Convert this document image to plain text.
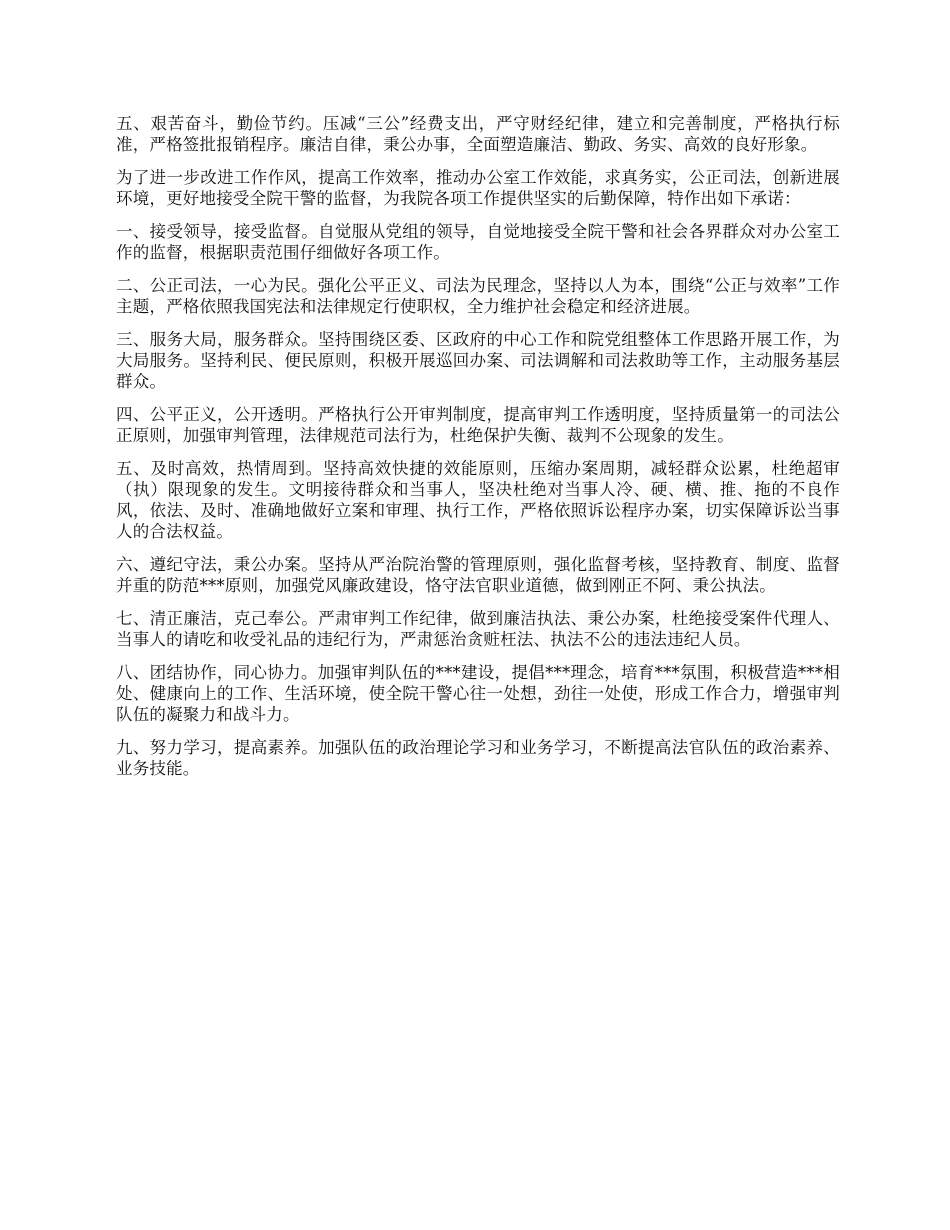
五、艰苦奋斗，勤俭节约。压减“三公”经费支出，严守财经纪律，建立和完善制度，严格执行标准，严格签批报销程序。廉洁自律，秉公办事，全面塑造廉洁、勤政、务实、高效的良好形象。

为了进一步改进工作作风，提高工作效率，推动办公室工作效能，求真务实，公正司法，创新进展环境，更好地接受全院干警的监督，为我院各项工作提供坚实的后勤保障，特作出如下承诺：

一、接受领导，接受监督。自觉服从党组的领导，自觉地接受全院干警和社会各界群众对办公室工作的监督，根据职责范围仔细做好各项工作。

二、公正司法，一心为民。强化公平正义、司法为民理念，坚持以人为本，围绕“公正与效率”工作主题，严格依照我国宪法和法律规定行使职权，全力维护社会稳定和经济进展。

三、服务大局，服务群众。坚持围绕区委、区政府的中心工作和院党组整体工作思路开展工作，为大局服务。坚持利民、便民原则，积极开展巡回办案、司法调解和司法救助等工作，主动服务基层群众。

四、公平正义，公开透明。严格执行公开审判制度，提高审判工作透明度，坚持质量第一的司法公正原则，加强审判管理，法律规范司法行为，杜绝保护失衡、裁判不公现象的发生。

五、及时高效，热情周到。坚持高效快捷的效能原则，压缩办案周期，减轻群众讼累，杜绝超审（执）限现象的发生。文明接待群众和当事人，坚决杜绝对当事人冷、硬、横、推、拖的不良作风，依法、及时、准确地做好立案和审理、执行工作，严格依照诉讼程序办案，切实保障诉讼当事人的合法权益。

六、遵纪守法，秉公办案。坚持从严治院治警的管理原则，强化监督考核，坚持教育、制度、监督并重的防范***原则，加强党风廉政建设，恪守法官职业道德，做到刚正不阿、秉公执法。

七、清正廉洁，克己奉公。严肃审判工作纪律，做到廉洁执法、秉公办案，杜绝接受案件代理人、当事人的请吃和收受礼品的违纪行为，严肃惩治贪赃枉法、执法不公的违法违纪人员。

八、团结协作，同心协力。加强审判队伍的***建设，提倡***理念，培育***氛围，积极营造***相处、健康向上的工作、生活环境，使全院干警心往一处想，劲往一处使，形成工作合力，增强审判队伍的凝聚力和战斗力。

九、努力学习，提高素养。加强队伍的政治理论学习和业务学习，不断提高法官队伍的政治素养、业务技能。
